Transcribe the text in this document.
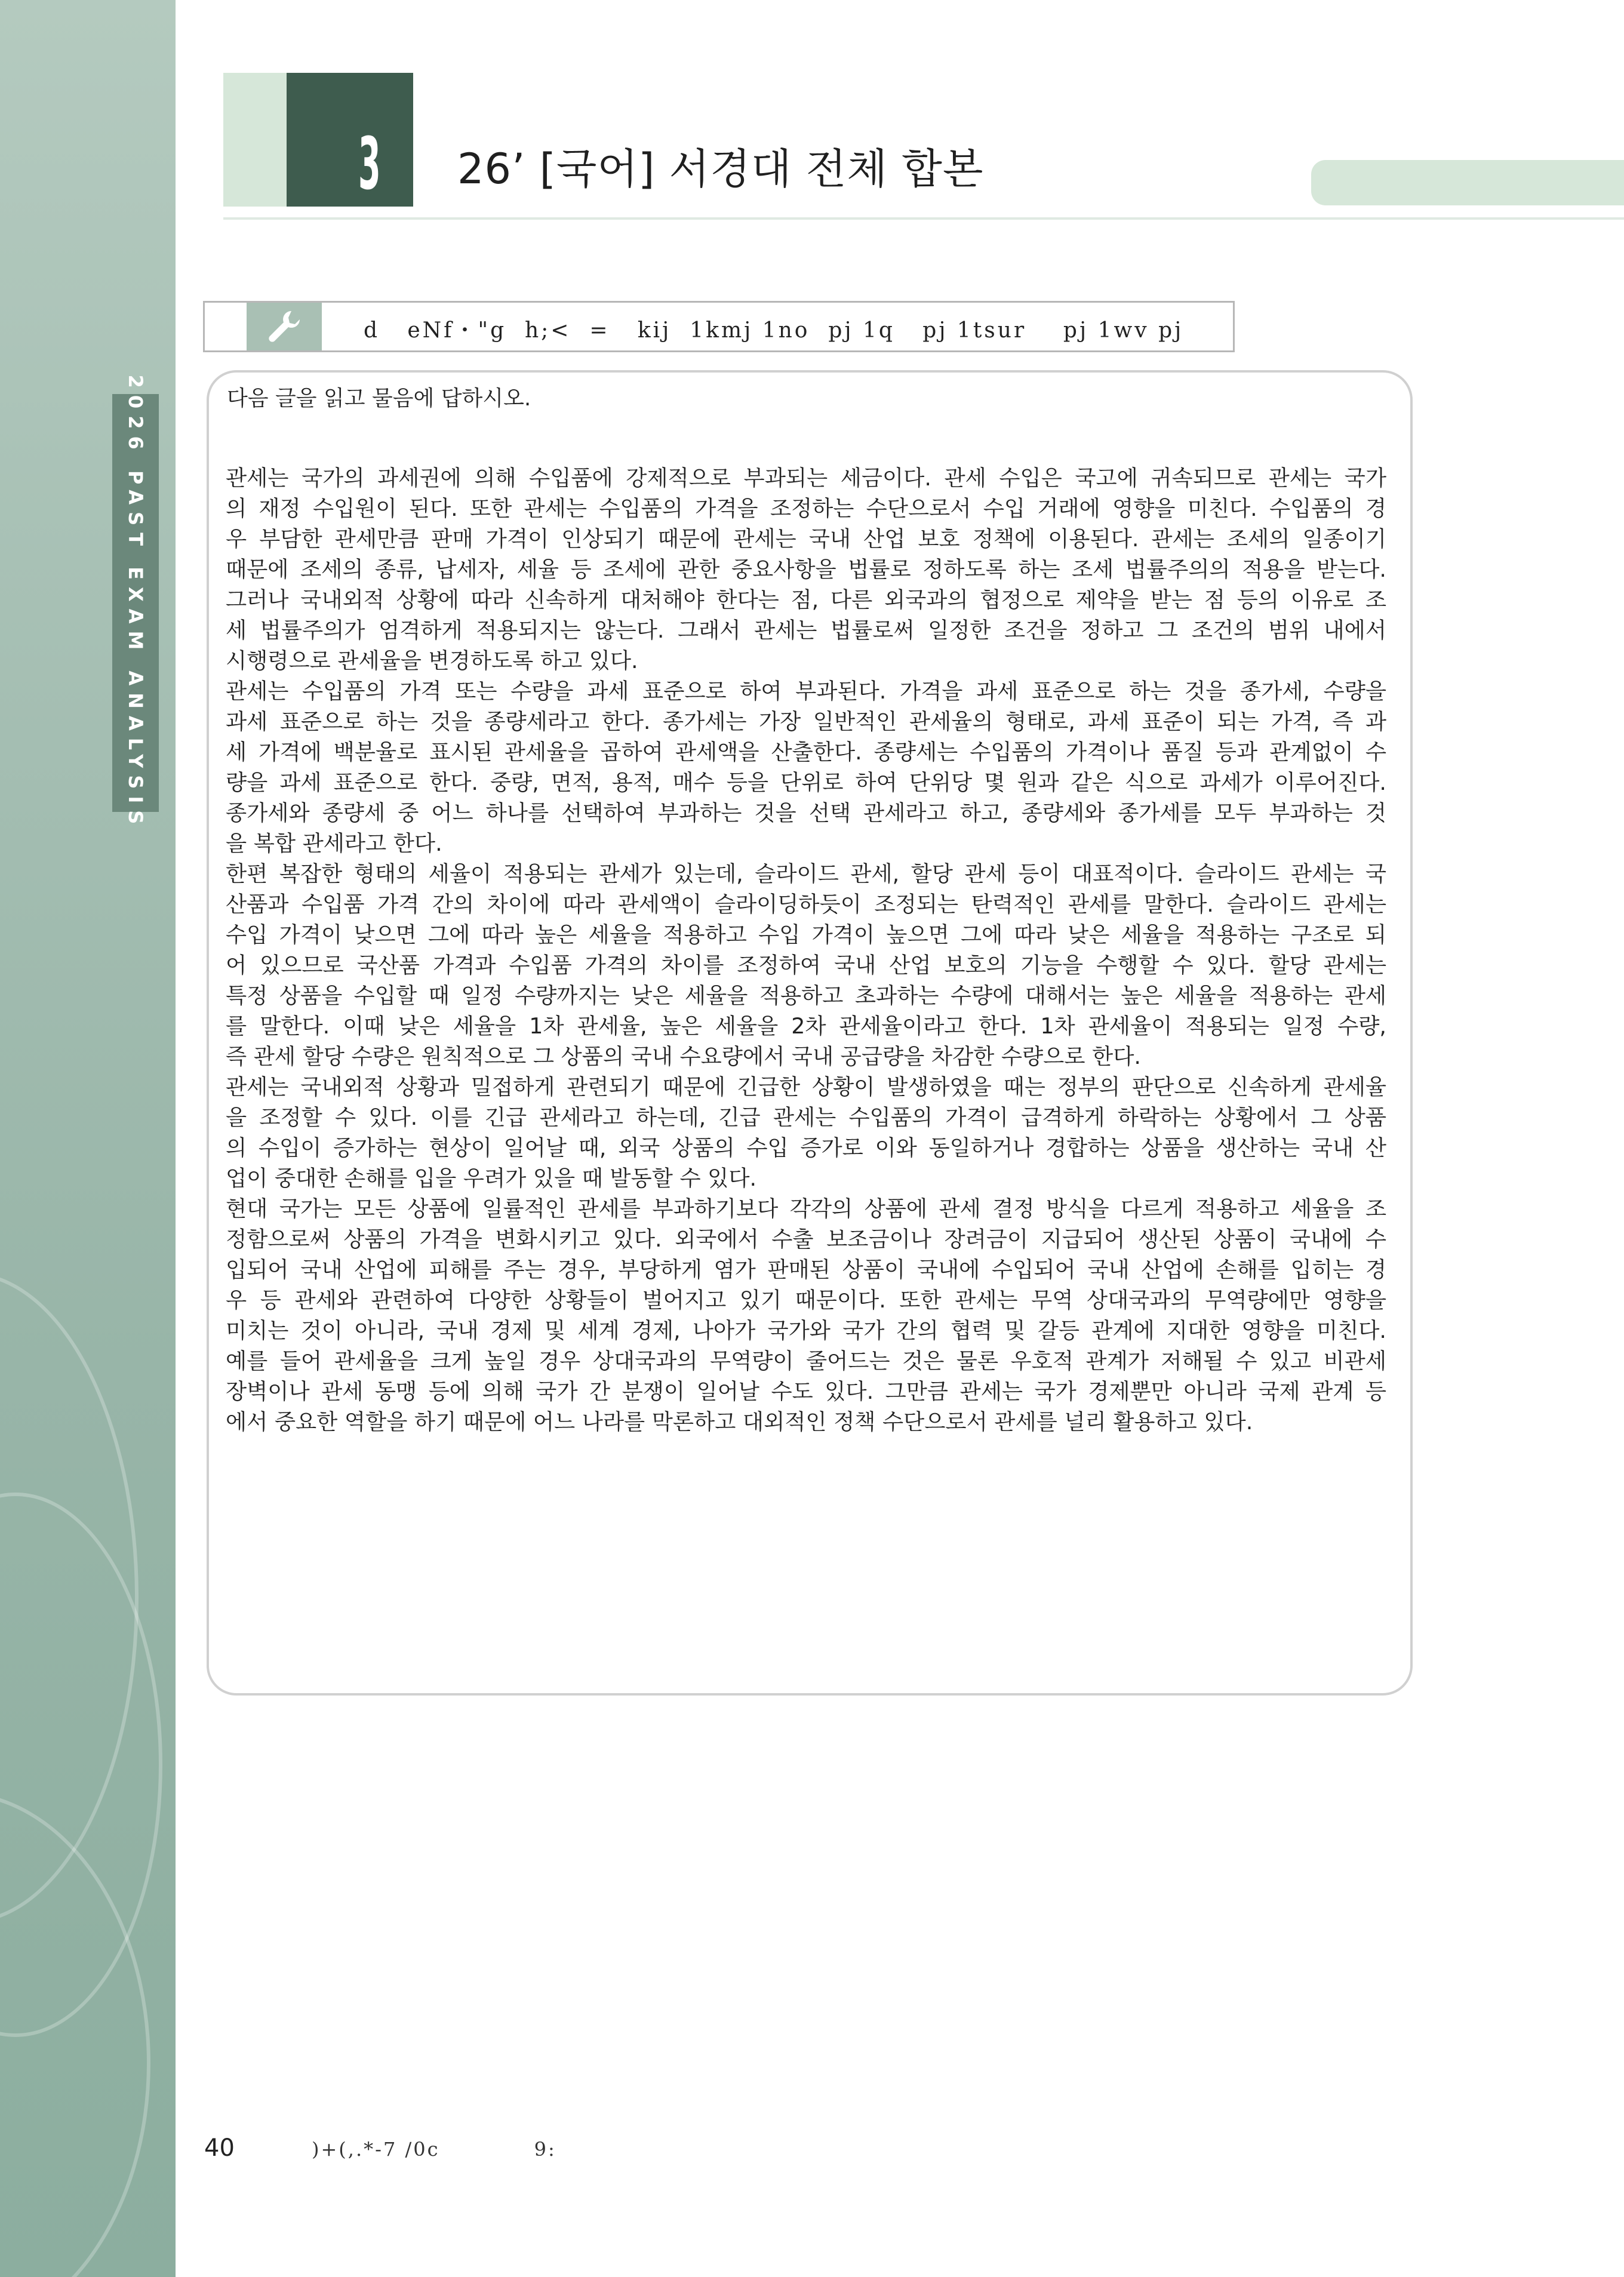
2026 PAST EXAM ANALYSIS
3 26’ [국어] 서경대 전체 합본
d   eNf・"g  h;<  =   kij  1kmj 1no  pj 1q   pj 1tsur    pj 1wv pj
다음 글을 읽고 물음에 답하시오.
관세는 국가의 과세권에 의해 수입품에 강제적으로 부과되는 세금이다. 관세 수입은 국고에 귀속되므로 관세는 국가
의 재정 수입원이 된다. 또한 관세는 수입품의 가격을 조정하는 수단으로서 수입 거래에 영향을 미친다. 수입품의 경
우 부담한 관세만큼 판매 가격이 인상되기 때문에 관세는 국내 산업 보호 정책에 이용된다. 관세는 조세의 일종이기
때문에 조세의 종류, 납세자, 세율 등 조세에 관한 중요사항을 법률로 정하도록 하는 조세 법률주의의 적용을 받는다.
그러나 국내외적 상황에 따라 신속하게 대처해야 한다는 점, 다른 외국과의 협정으로 제약을 받는 점 등의 이유로 조
세 법률주의가 엄격하게 적용되지는 않는다. 그래서 관세는 법률로써 일정한 조건을 정하고 그 조건의 범위 내에서
시행령으로 관세율을 변경하도록 하고 있다.
관세는 수입품의 가격 또는 수량을 과세 표준으로 하여 부과된다. 가격을 과세 표준으로 하는 것을 종가세, 수량을
과세 표준으로 하는 것을 종량세라고 한다. 종가세는 가장 일반적인 관세율의 형태로, 과세 표준이 되는 가격, 즉 과
세 가격에 백분율로 표시된 관세율을 곱하여 관세액을 산출한다. 종량세는 수입품의 가격이나 품질 등과 관계없이 수
량을 과세 표준으로 한다. 중량, 면적, 용적, 매수 등을 단위로 하여 단위당 몇 원과 같은 식으로 과세가 이루어진다.
종가세와 종량세 중 어느 하나를 선택하여 부과하는 것을 선택 관세라고 하고, 종량세와 종가세를 모두 부과하는 것
을 복합 관세라고 한다.
한편 복잡한 형태의 세율이 적용되는 관세가 있는데, 슬라이드 관세, 할당 관세 등이 대표적이다. 슬라이드 관세는 국
산품과 수입품 가격 간의 차이에 따라 관세액이 슬라이딩하듯이 조정되는 탄력적인 관세를 말한다. 슬라이드 관세는
수입 가격이 낮으면 그에 따라 높은 세율을 적용하고 수입 가격이 높으면 그에 따라 낮은 세율을 적용하는 구조로 되
어 있으므로 국산품 가격과 수입품 가격의 차이를 조정하여 국내 산업 보호의 기능을 수행할 수 있다. 할당 관세는
특정 상품을 수입할 때 일정 수량까지는 낮은 세율을 적용하고 초과하는 수량에 대해서는 높은 세율을 적용하는 관세
를 말한다. 이때 낮은 세율을 1차 관세율, 높은 세율을 2차 관세율이라고 한다. 1차 관세율이 적용되는 일정 수량,
즉 관세 할당 수량은 원칙적으로 그 상품의 국내 수요량에서 국내 공급량을 차감한 수량으로 한다.
관세는 국내외적 상황과 밀접하게 관련되기 때문에 긴급한 상황이 발생하였을 때는 정부의 판단으로 신속하게 관세율
을 조정할 수 있다. 이를 긴급 관세라고 하는데, 긴급 관세는 수입품의 가격이 급격하게 하락하는 상황에서 그 상품
의 수입이 증가하는 현상이 일어날 때, 외국 상품의 수입 증가로 이와 동일하거나 경합하는 상품을 생산하는 국내 산
업이 중대한 손해를 입을 우려가 있을 때 발동할 수 있다.
현대 국가는 모든 상품에 일률적인 관세를 부과하기보다 각각의 상품에 관세 결정 방식을 다르게 적용하고 세율을 조
정함으로써 상품의 가격을 변화시키고 있다. 외국에서 수출 보조금이나 장려금이 지급되어 생산된 상품이 국내에 수
입되어 국내 산업에 피해를 주는 경우, 부당하게 염가 판매된 상품이 국내에 수입되어 국내 산업에 손해를 입히는 경
우 등 관세와 관련하여 다양한 상황들이 벌어지고 있기 때문이다. 또한 관세는 무역 상대국과의 무역량에만 영향을
미치는 것이 아니라, 국내 경제 및 세계 경제, 나아가 국가와 국가 간의 협력 및 갈등 관계에 지대한 영향을 미친다.
예를 들어 관세율을 크게 높일 경우 상대국과의 무역량이 줄어드는 것은 물론 우호적 관계가 저해될 수 있고 비관세
장벽이나 관세 동맹 등에 의해 국가 간 분쟁이 일어날 수도 있다. 그만큼 관세는 국가 경제뿐만 아니라 국제 관계 등
에서 중요한 역할을 하기 때문에 어느 나라를 막론하고 대외적인 정책 수단으로서 관세를 널리 활용하고 있다.
40	)+(,.*-7 /0c            9:
